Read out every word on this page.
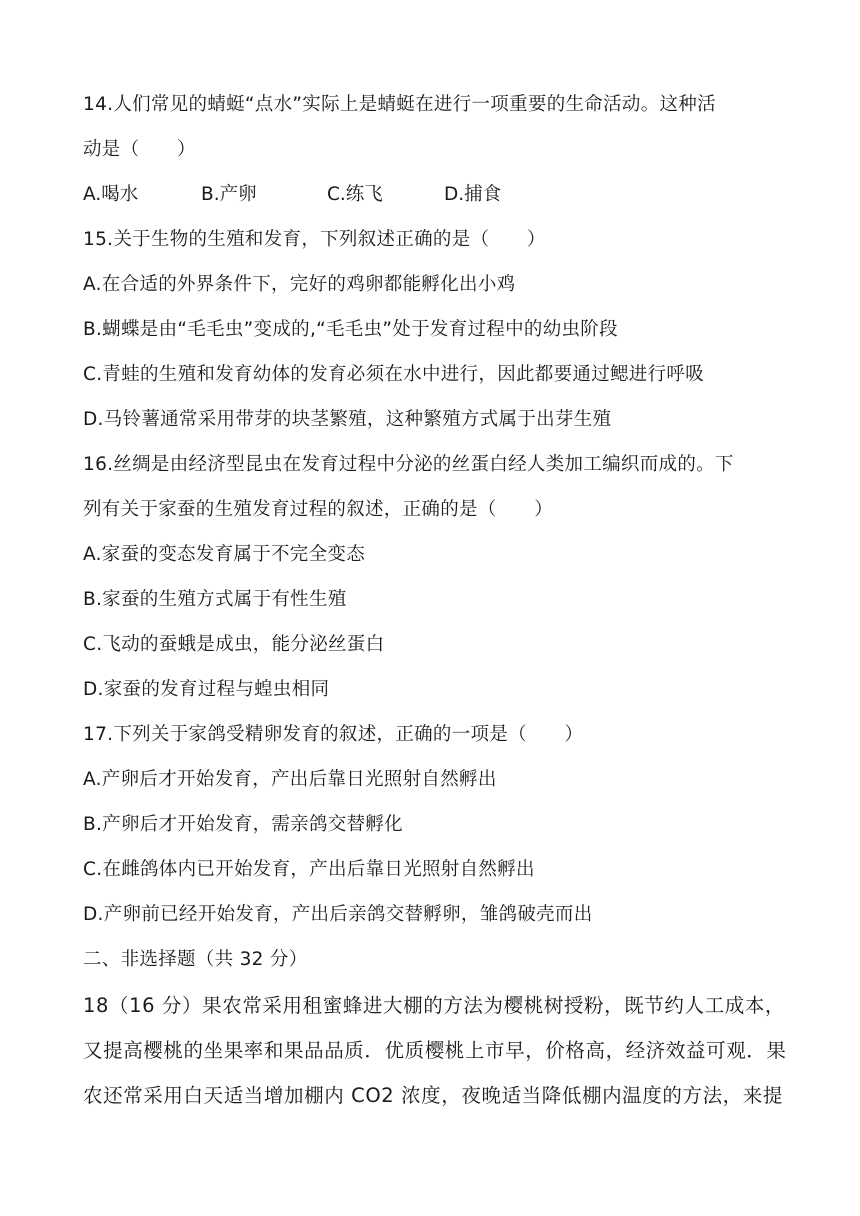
14.人们常见的蜻蜓“点水”实际上是蜻蜓在进行一项重要的生命活动。这种活
动是（　　）
A.喝水	B.产卵	C.练飞	D.捕食
15.关于生物的生殖和发育，下列叙述正确的是（　　）
A.在合适的外界条件下，完好的鸡卵都能孵化出小鸡
B.蝴蝶是由“毛毛虫”变成的,“毛毛虫”处于发育过程中的幼虫阶段
C.青蛙的生殖和发育幼体的发育必须在水中进行，因此都要通过鳃进行呼吸
D.马铃薯通常采用带芽的块茎繁殖，这种繁殖方式属于出芽生殖
16.丝绸是由经济型昆虫在发育过程中分泌的丝蛋白经人类加工编织而成的。下
列有关于家蚕的生殖发育过程的叙述，正确的是（　　）
A.家蚕的变态发育属于不完全变态
B.家蚕的生殖方式属于有性生殖
C.飞动的蚕蛾是成虫，能分泌丝蛋白
D.家蚕的发育过程与蝗虫相同
17.下列关于家鸽受精卵发育的叙述，正确的一项是（　　）
A.产卵后才开始发育，产出后靠日光照射自然孵出
B.产卵后才开始发育，需亲鸽交替孵化
C.在雌鸽体内已开始发育，产出后靠日光照射自然孵出
D.产卵前已经开始发育，产出后亲鸽交替孵卵，雏鸽破壳而出
二、非选择题（共 32 分）
18（16 分）果农常采用租蜜蜂进大棚的方法为樱桃树授粉，既节约人工成本，
又提高樱桃的坐果率和果品品质．优质樱桃上市早，价格高，经济效益可观．果
农还常采用白天适当增加棚内 CO2 浓度，夜晚适当降低棚内温度的方法，来提
